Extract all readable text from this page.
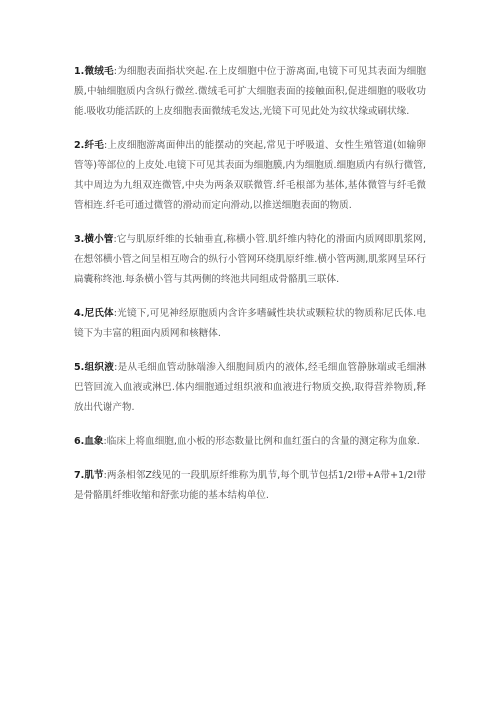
1.微绒毛:为细胞表面指状突起.在上皮细胞中位于游离面,电镜下可见其表面为细胞膜,中轴细胞质内含纵行微丝.微绒毛可扩大细胞表面的接触面积,促进细胞的吸收功能.吸收功能活跃的上皮细胞表面微绒毛发达,光镜下可见此处为纹状缘或刷状缘.

2.纤毛:上皮细胞游离面伸出的能摆动的突起,常见于呼吸道、女性生殖管道(如输卵管等)等部位的上皮处.电镜下可见其表面为细胞膜,内为细胞质.细胞质内有纵行微管,其中周边为九组双连微管,中央为两条双联微管.纤毛根部为基体,基体微管与纤毛微管相连.纤毛可通过微管的滑动而定向滑动,以推送细胞表面的物质.

3.横小管:它与肌原纤维的长轴垂直,称横小管.肌纤维内特化的滑面内质网即肌浆网,在想邻横小管之间呈相互吻合的纵行小管网环绕肌原纤维.横小管两测,肌浆网呈环行扁囊称终池.每条横小管与其两侧的终池共同组成骨骼肌三联体.

4.尼氏体:光镜下,可见神经原胞质内含许多嗜碱性块状或颗粒状的物质称尼氏体.电镜下为丰富的粗面内质网和核糖体.

5.组织液:是从毛细血管动脉端渗入细胞间质内的液体,经毛细血管静脉端或毛细淋巴管回流入血液或淋巴.体内细胞通过组织液和血液进行物质交换,取得营养物质,释放出代谢产物.

6.血象:临床上将血细胞,血小板的形态数量比例和血红蛋白的含量的测定称为血象.

7.肌节:两条相邻Z线见的一段肌原纤维称为肌节,每个肌节包括1/2I带+A带+1/2I带是骨骼肌纤维收缩和舒张功能的基本结构单位.
